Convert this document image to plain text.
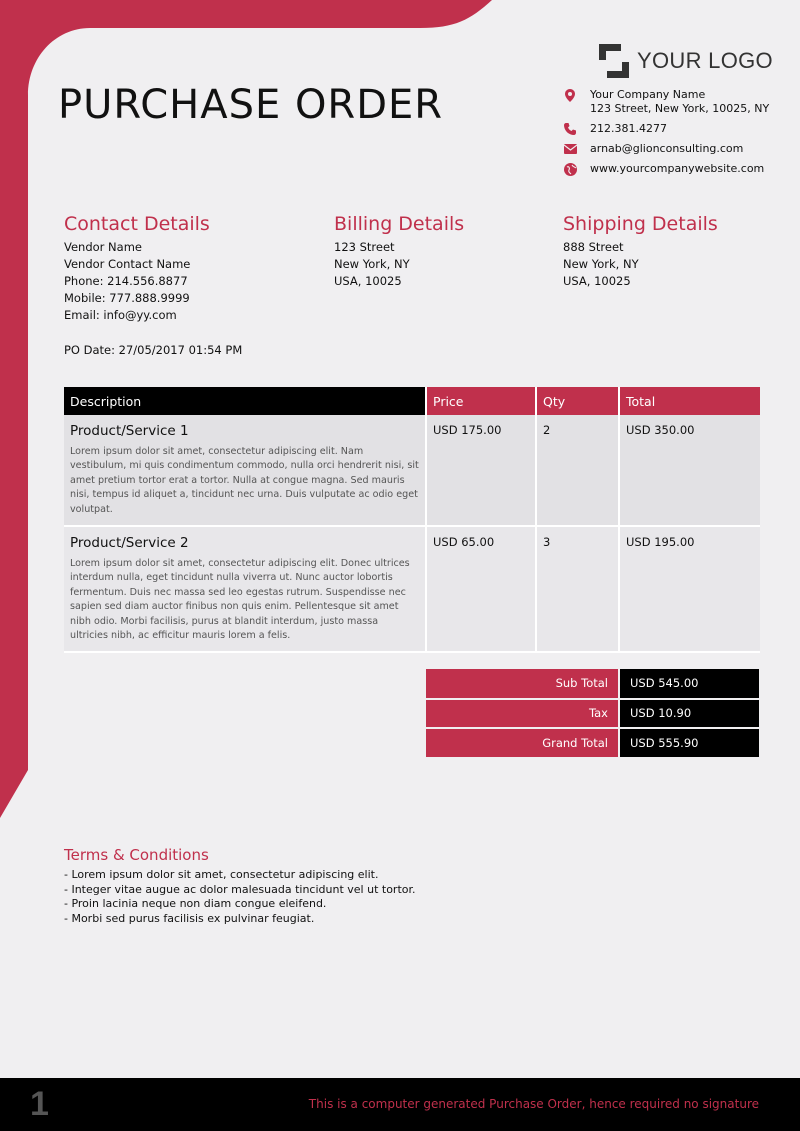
YOUR LOGO
PURCHASE ORDER	Your Company Name
123 Street, New York, 10025, NY
212.381.4277
arnab@glionconsulting.com
www.yourcompanywebsite.com
Contact Details
Vendor Name
Vendor Contact Name
Phone: 214.556.8877
Mobile: 777.888.9999
Email: info@yy.com
Billing Details
123 Street
New York, NY
USA, 10025
Shipping Details
888 Street
New York, NY
USA, 10025
PO Date: 27/05/2017 01:54 PM
Description	Price	Qty	Total

Product/Service 1
Lorem ipsum dolor sit amet, consectetur adipiscing elit. Nam vestibulum, mi quis condimentum commodo, nulla orci hendrerit nisi, sit amet pretium tortor erat a tortor. Nulla at congue magna. Sed mauris nisi, tempus id aliquet a, tincidunt nec urna. Duis vulputate ac odio eget volutpat.	USD 175.00	2	USD 350.00

Product/Service 2
Lorem ipsum dolor sit amet, consectetur adipiscing elit. Donec ultrices interdum nulla, eget tincidunt nulla viverra ut. Nunc auctor lobortis fermentum. Duis nec massa sed leo egestas rutrum. Suspendisse nec sapien sed diam auctor finibus non quis enim. Pellentesque sit amet nibh odio. Morbi facilisis, purus at blandit interdum, justo massa ultricies nibh, ac efficitur mauris lorem a felis.	USD 65.00	3	USD 195.00
Sub Total	USD 545.00
Tax	USD 10.90
Grand Total	USD 555.90
Terms & Conditions
- Lorem ipsum dolor sit amet, consectetur adipiscing elit.
- Integer vitae augue ac dolor malesuada tincidunt vel ut tortor.
- Proin lacinia neque non diam congue eleifend.
- Morbi sed purus facilisis ex pulvinar feugiat.
1	This is a computer generated Purchase Order, hence required no signature
